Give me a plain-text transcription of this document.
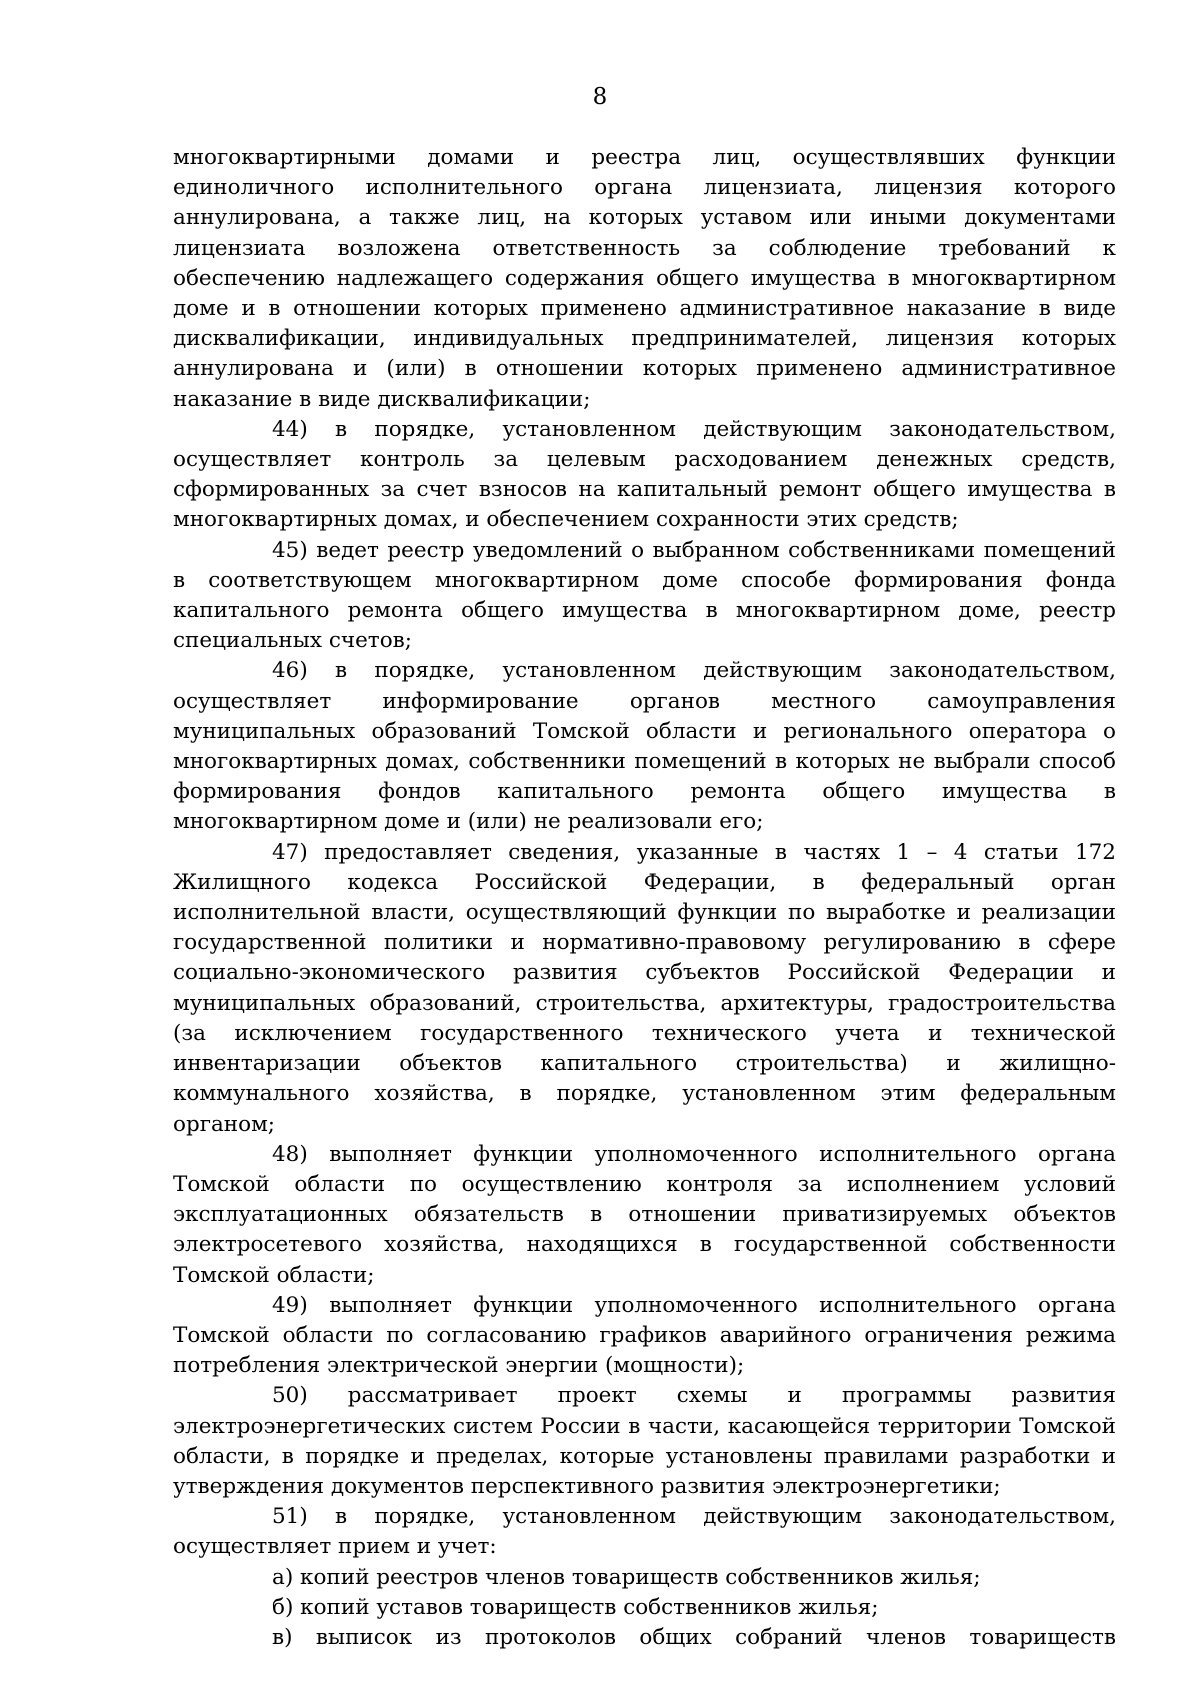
8

многоквартирными домами и реестра лиц, осуществлявших функции единоличного исполнительного органа лицензиата, лицензия которого аннулирована, а также лиц, на которых уставом или иными документами лицензиата возложена ответственность за соблюдение требований к обеспечению надлежащего содержания общего имущества в многоквартирном доме и в отношении которых применено административное наказание в виде дисквалификации, индивидуальных предпринимателей, лицензия которых аннулирована и (или) в отношении которых применено административное наказание в виде дисквалификации;

44) в порядке, установленном действующим законодательством, осуществляет контроль за целевым расходованием денежных средств, сформированных за счет взносов на капитальный ремонт общего имущества в многоквартирных домах, и обеспечением сохранности этих средств;

45) ведет реестр уведомлений о выбранном собственниками помещений в соответствующем многоквартирном доме способе формирования фонда капитального ремонта общего имущества в многоквартирном доме, реестр специальных счетов;

46) в порядке, установленном действующим законодательством, осуществляет информирование органов местного самоуправления муниципальных образований Томской области и регионального оператора о многоквартирных домах, собственники помещений в которых не выбрали способ формирования фондов капитального ремонта общего имущества в многоквартирном доме и (или) не реализовали его;

47) предоставляет сведения, указанные в частях 1 – 4 статьи 172 Жилищного кодекса Российской Федерации, в федеральный орган исполнительной власти, осуществляющий функции по выработке и реализации государственной политики и нормативно-правовому регулированию в сфере социально-экономического развития субъектов Российской Федерации и муниципальных образований, строительства, архитектуры, градостроительства (за исключением государственного технического учета и технической инвентаризации объектов капитального строительства) и жилищно-коммунального хозяйства, в порядке, установленном этим федеральным органом;

48) выполняет функции уполномоченного исполнительного органа Томской области по осуществлению контроля за исполнением условий эксплуатационных обязательств в отношении приватизируемых объектов электросетевого хозяйства, находящихся в государственной собственности Томской области;

49) выполняет функции уполномоченного исполнительного органа Томской области по согласованию графиков аварийного ограничения режима потребления электрической энергии (мощности);

50) рассматривает проект схемы и программы развития электроэнергетических систем России в части, касающейся территории Томской области, в порядке и пределах, которые установлены правилами разработки и утверждения документов перспективного развития электроэнергетики;

51) в порядке, установленном действующим законодательством, осуществляет прием и учет:

а) копий реестров членов товариществ собственников жилья;

б) копий уставов товариществ собственников жилья;

в) выписок из протоколов общих собраний членов товариществ
